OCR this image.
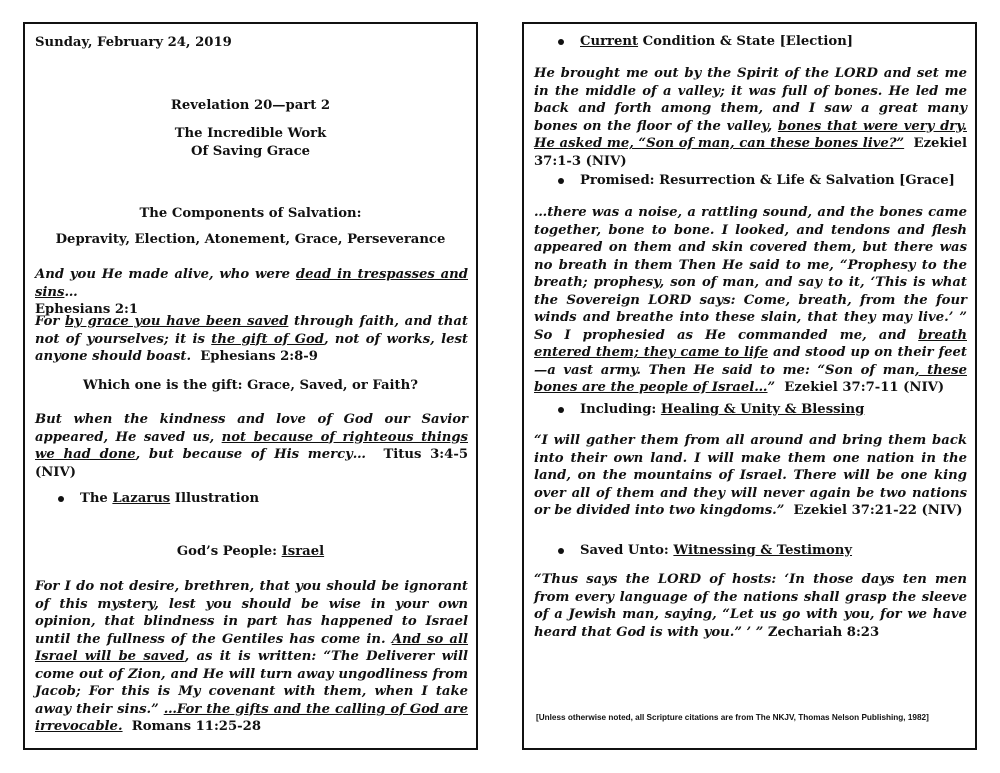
Sunday, February 24, 2019
Revelation 20—part 2
The Incredible Work
Of Saving Grace
The Components of Salvation:
Depravity, Election, Atonement, Grace, Perseverance
And you He made alive, who were dead in trespasses and sins…
Ephesians 2:1
For by grace you have been saved through faith, and that not of yourselves; it is the gift of God, not of works, lest anyone should boast. Ephesians 2:8-9
Which one is the gift: Grace, Saved, or Faith?
But when the kindness and love of God our Savior appeared, He saved us, not because of righteous things we had done, but because of His mercy… Titus 3:4-5 (NIV)
The Lazarus Illustration
God’s People: Israel
For I do not desire, brethren, that you should be ignorant of this mystery, lest you should be wise in your own opinion, that blindness in part has happened to Israel until the fullness of the Gentiles has come in. And so all Israel will be saved, as it is written: “The Deliverer will come out of Zion, and He will turn away ungodliness from Jacob; For this is My covenant with them, when I take away their sins.” …For the gifts and the calling of God are irrevocable. Romans 11:25-28
Current Condition & State [Election]
He brought me out by the Spirit of the LORD and set me in the middle of a valley; it was full of bones. He led me back and forth among them, and I saw a great many bones on the floor of the valley, bones that were very dry. He asked me, “Son of man, can these bones live?” Ezekiel 37:1-3 (NIV)
Promised: Resurrection & Life & Salvation [Grace]
…there was a noise, a rattling sound, and the bones came together, bone to bone. I looked, and tendons and flesh appeared on them and skin covered them, but there was no breath in them Then He said to me, “Prophesy to the breath; prophesy, son of man, and say to it, ‘This is what the Sovereign LORD says: Come, breath, from the four winds and breathe into these slain, that they may live.’ ” So I prophesied as He commanded me, and breath entered them; they came to life and stood up on their feet—a vast army. Then He said to me: “Son of man, these bones are the people of Israel…” Ezekiel 37:7-11 (NIV)
Including: Healing & Unity & Blessing
“I will gather them from all around and bring them back into their own land. I will make them one nation in the land, on the mountains of Israel. There will be one king over all of them and they will never again be two nations or be divided into two kingdoms.” Ezekiel 37:21-22 (NIV)
Saved Unto: Witnessing & Testimony
“Thus says the LORD of hosts: ‘In those days ten men from every language of the nations shall grasp the sleeve of a Jewish man, saying, “Let us go with you, for we have heard that God is with you.” ’ ” Zechariah 8:23
[Unless otherwise noted, all Scripture citations are from The NKJV, Thomas Nelson Publishing, 1982]
